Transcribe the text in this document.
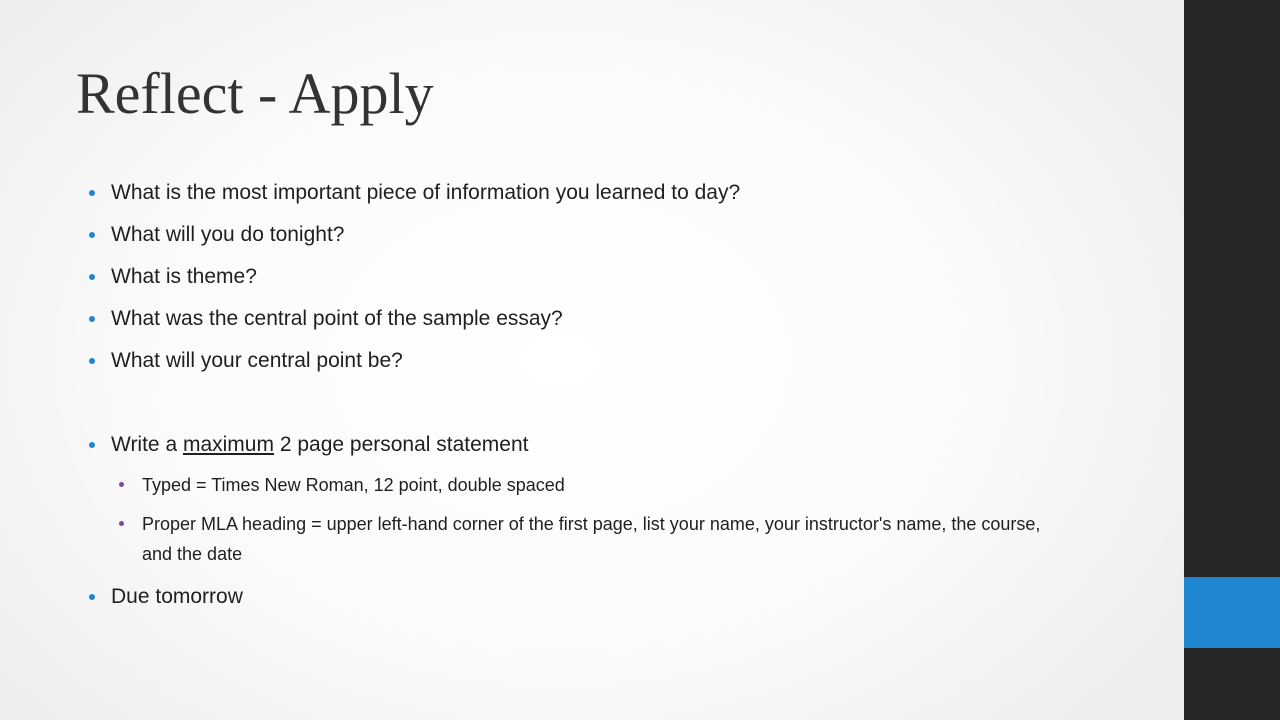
Reflect - Apply
What is the most important piece of information you learned to day?
What will you do tonight?
What is theme?
What was the central point of the sample essay?
What will your central point be?
Write a maximum 2 page personal statement
Typed = Times New Roman, 12 point, double spaced
Proper MLA heading = upper left-hand corner of the first page, list your name, your instructor's name, the course, and the date
Due tomorrow
